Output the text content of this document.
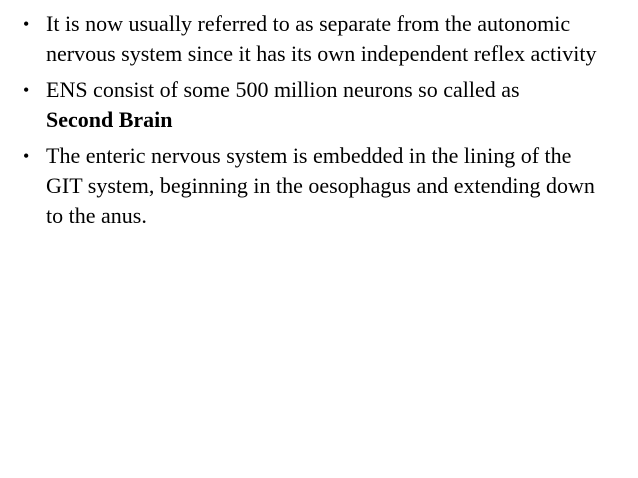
• It is now usually referred to as separate from the autonomic nervous system since it has its own independent reflex activity
• ENS consist of some 500 million neurons so called as
Second Brain
• The enteric nervous system is embedded in the lining of the GIT system, beginning in the oesophagus and extending down to the anus.
